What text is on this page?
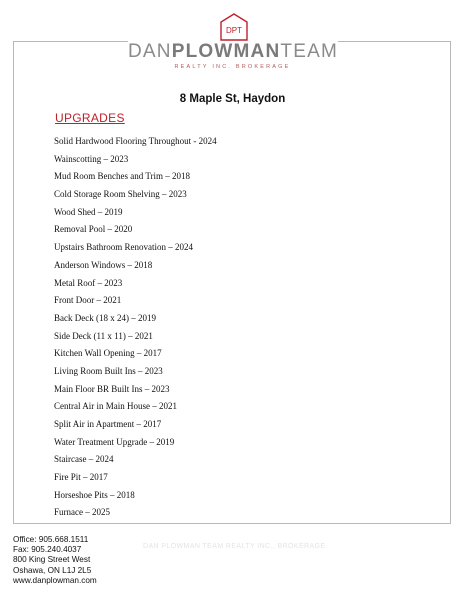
DPT
DANPLOWMANTEAM
REALTY INC. BROKERAGE
8 Maple St, Haydon
UPGRADES
Solid Hardwood Flooring Throughout - 2024
Wainscotting – 2023
Mud Room Benches and Trim – 2018
Cold Storage Room Shelving – 2023
Wood Shed – 2019
Removal Pool – 2020
Upstairs Bathroom Renovation – 2024
Anderson Windows – 2018
Metal Roof – 2023
Front Door – 2021
Back Deck (18 x 24) – 2019
Side Deck (11 x 11) – 2021
Kitchen Wall Opening – 2017
Living Room Built Ins – 2023
Main Floor BR Built Ins – 2023
Central Air in Main House – 2021
Split Air in Apartment – 2017
Water Treatment Upgrade – 2019
Staircase – 2024
Fire Pit – 2017
Horseshoe Pits – 2018
Furnace – 2025
Office: 905.668.1511
Fax: 905.240.4037
800 King Street West
Oshawa, ON L1J 2L5
www.danplowman.com
DAN PLOWMAN TEAM REALTY INC., BROKERAGE
